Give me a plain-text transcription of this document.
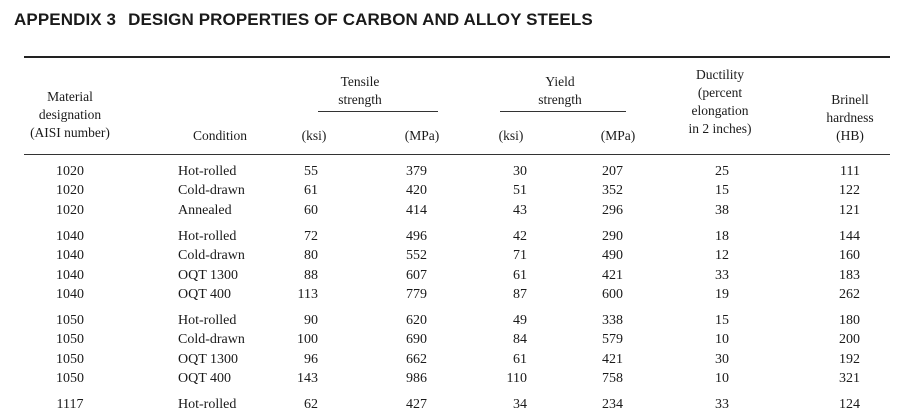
APPENDIX 3 DESIGN PROPERTIES OF CARBON AND ALLOY STEELS
Material
designation
(AISI number)	Condition
Tensile
strength
(ksi)	(MPa)
Yield
strength
(ksi)	(MPa)
Ductility
(percent
elongation
in 2 inches)
Brinell
hardness
(HB)
1020	Hot-rolled	55	379	30	207	25	111
1020	Cold-drawn	61	420	51	352	15	122
1020	Annealed	60	414	43	296	38	121
1040	Hot-rolled	72	496	42	290	18	144
1040	Cold-drawn	80	552	71	490	12	160
1040	OQT 1300	88	607	61	421	33	183
1040	OQT 400	113	779	87	600	19	262
1050	Hot-rolled	90	620	49	338	15	180
1050	Cold-drawn	100	690	84	579	10	200
1050	OQT 1300	96	662	61	421	30	192
1050	OQT 400	143	986	110	758	10	321
1117	Hot-rolled	62	427	34	234	33	124
